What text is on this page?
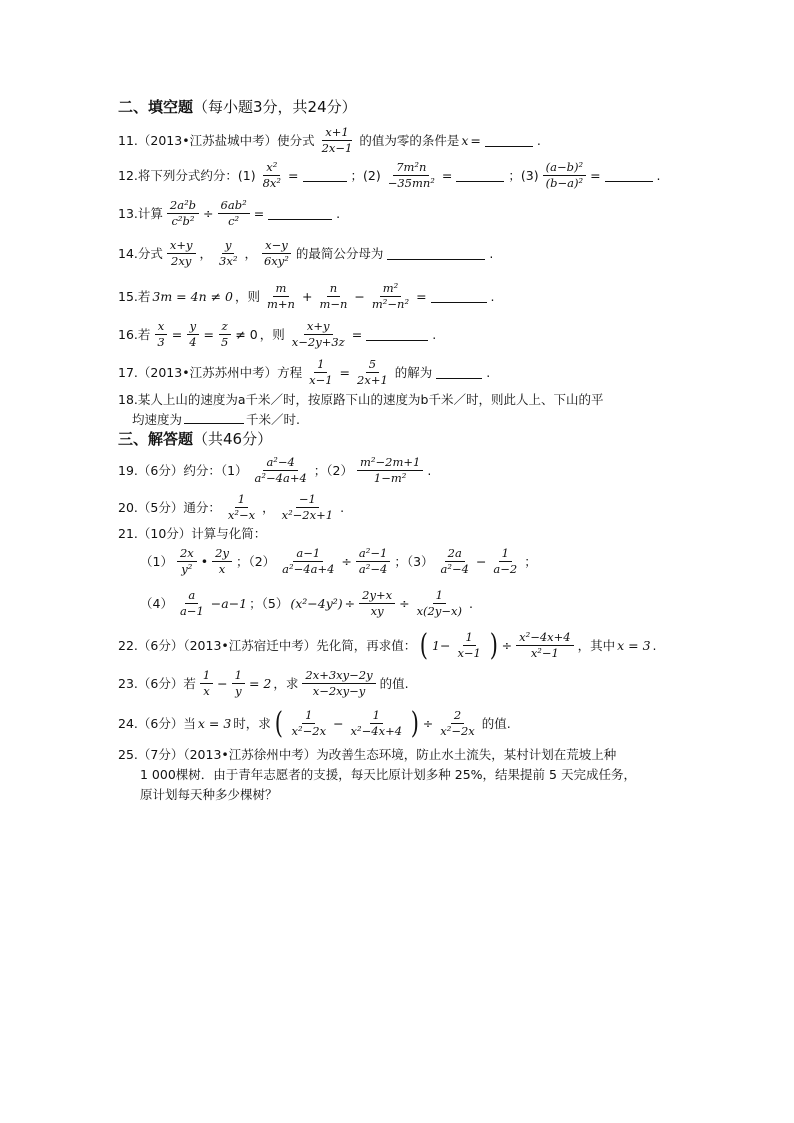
二、填空题（每小题3分，共24分）
11.（2013•江苏盐城中考）使分式 $\frac{x+1}{2x-1}$ 的值为零的条件是 x =	.
12.将下列分式约分：$(1) \frac{\text{x²}}{\text{8x²}}$ =	；$(2) \frac{\text{7m²n}}{\text{−35mn²}}$ =	；$(3) \frac{\text{(a−b)²}}{\text{(b−a)²}}$ =	.
13.计算 $\frac{\text{2a²b}}{\text{c²b²}} \div \frac{\text{6ab²}}{\text{c²}}$ =	.
14.分式 $\frac{x+y}{2xy}$ ， $\frac{y}{\text{3x²}}$ ， $\frac{x-y}{\text{6xy²}}$ 的最简公分母为	.
15.若 3m = 4n ≠ 0 ，则 $\frac{m}{m+n} + \frac{n}{m-n} - \frac{\text{m²}}{\text{m²−n²}}$ =	.
16.若 $\frac{x}{3} = \frac{y}{4} = \frac{z}{5} \ne 0$ ，则 $\frac{x+y}{x-2y+3z}$ =	.
17.（2013•江苏苏州中考）方程 $\frac{1}{x-1} = \frac{5}{2x+1}$ 的解为	.
18.某人上山的速度为a千米／时，按原路下山的速度为b千米／时，则此人上、下山的平
均速度为	千米／时.
三、解答题（共46分）
19.（6分）约分：$(1) \frac{\text{a²−4}}{\text{a²−4a+4}}$ ；$(2) \frac{\text{m²−2m+1}}{\text{1−m²}}$ .
20.（5分）通分： $\frac{1}{\text{x²−x}}$ ， $\frac{-1}{\text{x²−2x+1}}$ .
21.（10分）计算与化简：
$(1) \frac{2x}{\text{y²}}$ • $\frac{2y}{x}$ ；$(2) \frac{a-1}{\text{a²−4a+4}} \div \frac{\text{a²−1}}{\text{a²−4}}$ ；$(3) \frac{2a}{\text{a²−4}} - \frac{1}{a-2}$ ；
$(4) \frac{a}{a-1} -a-1$ ；（5） $(x^2-4y^2) \div \frac{2y+x}{xy} \div \frac{1}{x(2y-x)}$ .
22.（6分）（2013•江苏宿迁中考）先化简，再求值： ( $1- \frac{1}{x-1}$ ) ÷ $\frac{\text{x²−4x+4}}{\text{x²−1}}$ ，其中 x = 3 .
23.（6分）若 $\frac{1}{x} - \frac{1}{y} = 2$ ，求 $\frac{2x+3xy-2y}{x-2xy-y}$ 的值.
24.（6分）当 x = 3 时，求 ( $\frac{1}{\text{x²−2x}} - \frac{1}{\text{x²−4x+4}}$ ) ÷ $\frac{2}{\text{x²−2x}}$ 的值.
25.（7分）（2013•江苏徐州中考）为改善生态环境，防止水土流失，某村计划在荒坡上种
1 000棵树．由于青年志愿者的支援，每天比原计划多种 25%，结果提前 5 天完成任务，
原计划每天种多少棵树？
